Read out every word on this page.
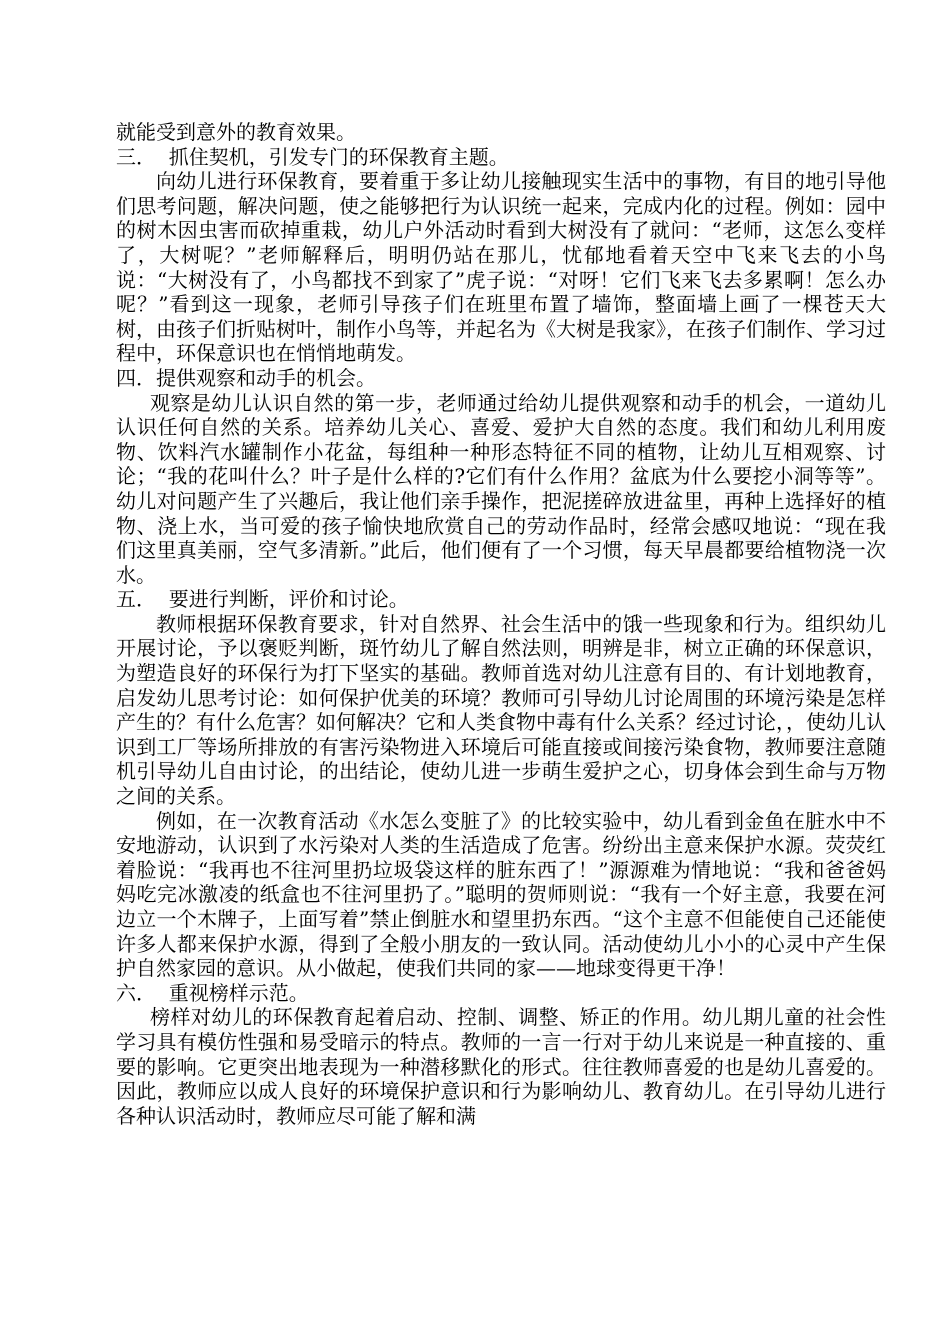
就能受到意外的教育效果。

三．  抓住契机，引发专门的环保教育主题。

向幼儿进行环保教育，要着重于多让幼儿接触现实生活中的事物，有目的地引导他们思考问题，解决问题，使之能够把行为认识统一起来，完成内化的过程。例如：园中的树木因虫害而砍掉重栽，幼儿户外活动时看到大树没有了就问：“老师，这怎么变样了，大树呢？”老师解释后，明明仍站在那儿，忧郁地看着天空中飞来飞去的小鸟说：“大树没有了，小鸟都找不到家了”虎子说：“对呀！它们飞来飞去多累啊！怎么办呢？”看到这一现象，老师引导孩子们在班里布置了墙饰，整面墙上画了一棵苍天大树，由孩子们折贴树叶，制作小鸟等，并起名为《大树是我家》，在孩子们制作、学习过程中，环保意识也在悄悄地萌发。

四．提供观察和动手的机会。

观察是幼儿认识自然的第一步，老师通过给幼儿提供观察和动手的机会，一道幼儿认识任何自然的关系。培养幼儿关心、喜爱、爱护大自然的态度。我们和幼儿利用废物、饮料汽水罐制作小花盆，每组种一种形态特征不同的植物，让幼儿互相观察、讨论；“我的花叫什么？叶子是什么样的?它们有什么作用？盆底为什么要挖小洞等等”。幼儿对问题产生了兴趣后，我让他们亲手操作，把泥搓碎放进盆里，再种上选择好的植物、浇上水，当可爱的孩子愉快地欣赏自己的劳动作品时，经常会感叹地说：“现在我们这里真美丽，空气多清新。”此后，他们便有了一个习惯，每天早晨都要给植物浇一次水。

五．  要进行判断，评价和讨论。

教师根据环保教育要求，针对自然界、社会生活中的饿一些现象和行为。组织幼儿开展讨论，予以褒贬判断，斑竹幼儿了解自然法则，明辨是非，树立正确的环保意识，为塑造良好的环保行为打下坚实的基础。教师首选对幼儿注意有目的、有计划地教育，启发幼儿思考讨论：如何保护优美的环境？教师可引导幼儿讨论周围的环境污染是怎样产生的？有什么危害？如何解决？它和人类食物中毒有什么关系？经过讨论，，使幼儿认识到工厂等场所排放的有害污染物进入环境后可能直接或间接污染食物，教师要注意随机引导幼儿自由讨论，的出结论，使幼儿进一步萌生爱护之心，切身体会到生命与万物之间的关系。

例如，在一次教育活动《水怎么变脏了》的比较实验中，幼儿看到金鱼在脏水中不安地游动，认识到了水污染对人类的生活造成了危害。纷纷出主意来保护水源。荧荧红着脸说：“我再也不往河里扔垃圾袋这样的脏东西了！”源源难为情地说：“我和爸爸妈妈吃完冰激凌的纸盒也不往河里扔了。”聪明的贺师则说：“我有一个好主意，我要在河边立一个木牌子，上面写着”禁止倒脏水和望里扔东西。“这个主意不但能使自己还能使许多人都来保护水源，得到了全般小朋友的一致认同。活动使幼儿小小的心灵中产生保护自然家园的意识。从小做起，使我们共同的家——地球变得更干净！

六．  重视榜样示范。

榜样对幼儿的环保教育起着启动、控制、调整、矫正的作用。幼儿期儿童的社会性学习具有模仿性强和易受暗示的特点。教师的一言一行对于幼儿来说是一种直接的、重要的影响。它更突出地表现为一种潜移默化的形式。往往教师喜爱的也是幼儿喜爱的。因此，教师应以成人良好的环境保护意识和行为影响幼儿、教育幼儿。在引导幼儿进行各种认识活动时，教师应尽可能了解和满
